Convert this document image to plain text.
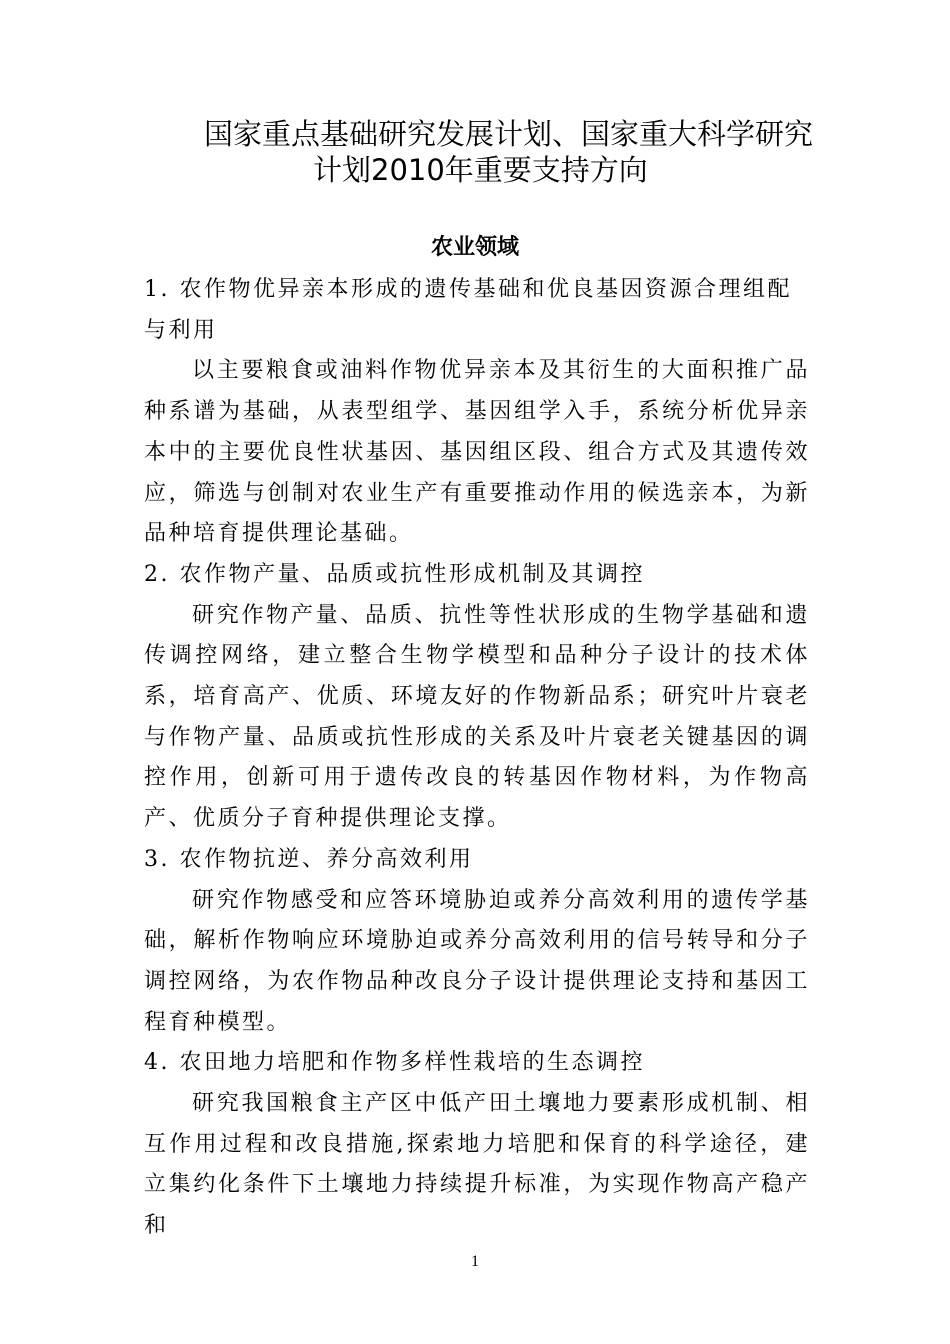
国家重点基础研究发展计划、国家重大科学研究
计划2010年重要支持方向
农业领域
1. 农作物优异亲本形成的遗传基础和优良基因资源合理组配与利用

以主要粮食或油料作物优异亲本及其衍生的大面积推广品种系谱为基础，从表型组学、基因组学入手，系统分析优异亲本中的主要优良性状基因、基因组区段、组合方式及其遗传效应，筛选与创制对农业生产有重要推动作用的候选亲本，为新品种培育提供理论基础。

2. 农作物产量、品质或抗性形成机制及其调控

研究作物产量、品质、抗性等性状形成的生物学基础和遗传调控网络，建立整合生物学模型和品种分子设计的技术体系，培育高产、优质、环境友好的作物新品系；研究叶片衰老与作物产量、品质或抗性形成的关系及叶片衰老关键基因的调控作用，创新可用于遗传改良的转基因作物材料，为作物高产、优质分子育种提供理论支撑。

3. 农作物抗逆、养分高效利用

研究作物感受和应答环境胁迫或养分高效利用的遗传学基础，解析作物响应环境胁迫或养分高效利用的信号转导和分子调控网络，为农作物品种改良分子设计提供理论支持和基因工程育种模型。

4. 农田地力培肥和作物多样性栽培的生态调控

研究我国粮食主产区中低产田土壤地力要素形成机制、相互作用过程和改良措施,探索地力培肥和保育的科学途径，建立集约化条件下土壤地力持续提升标准，为实现作物高产稳产和

1
